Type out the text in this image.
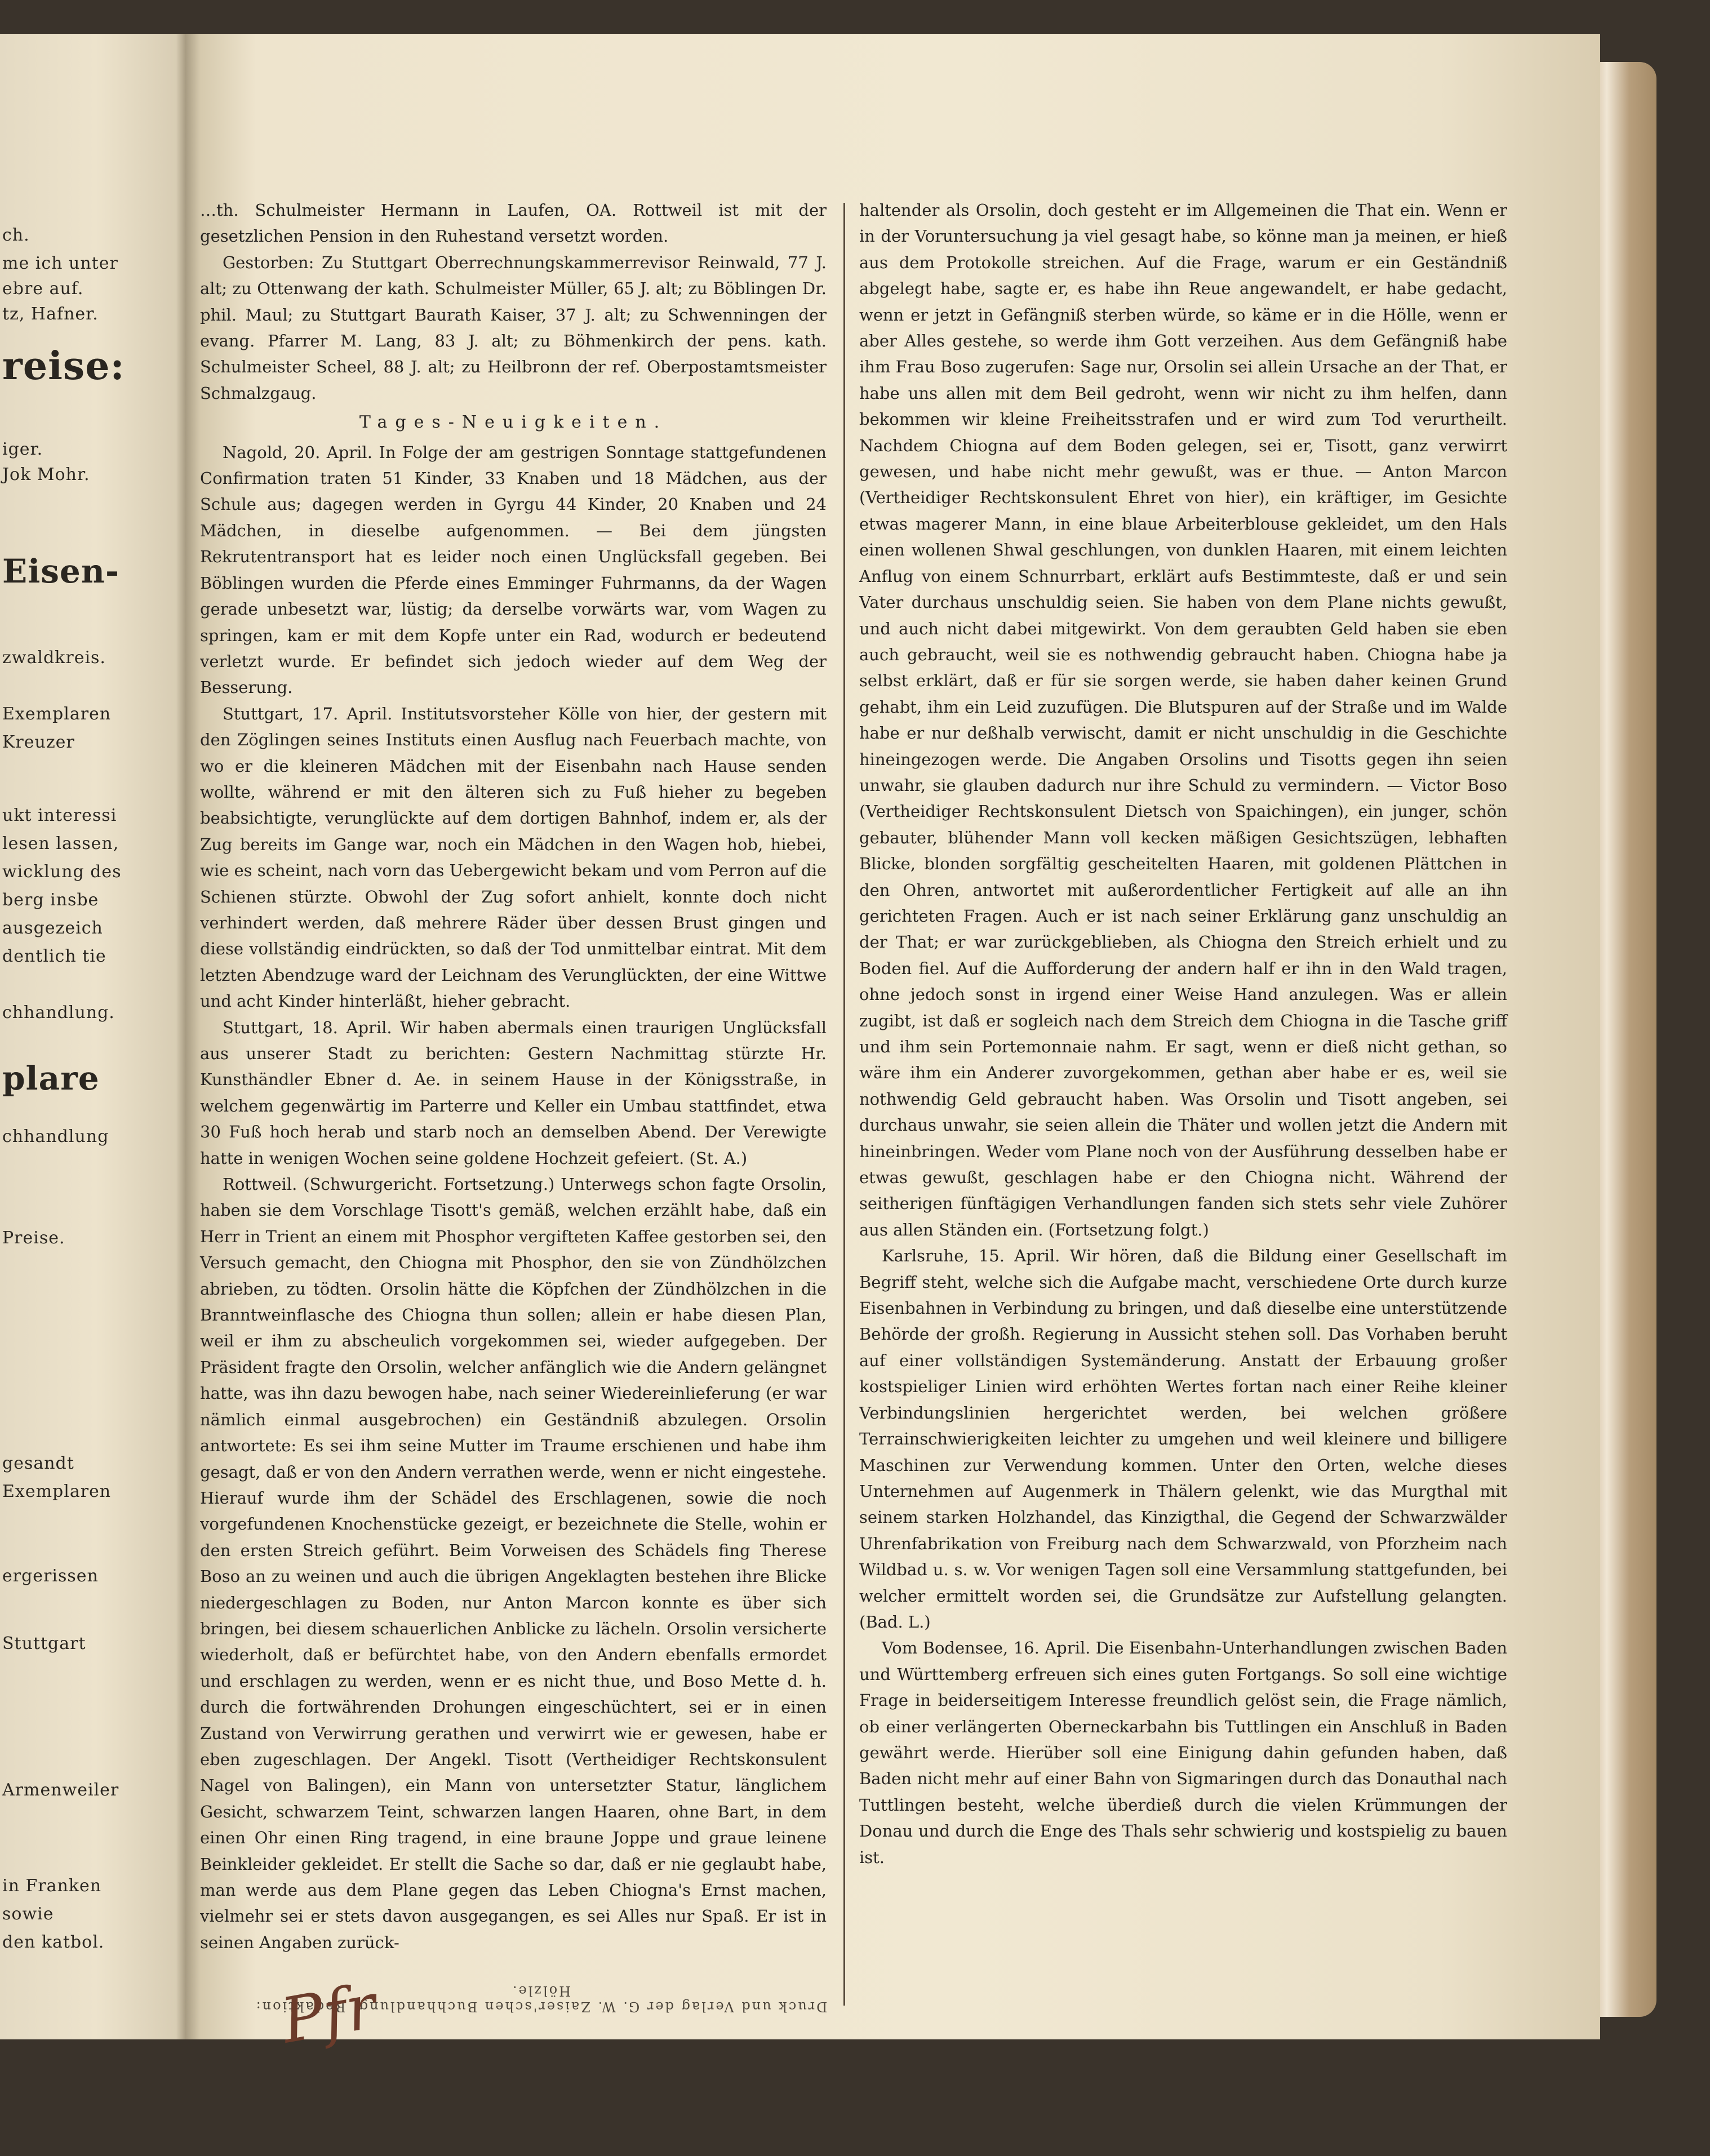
ch.
me ich unter
ebre auf.
tz, Hafner.
reise:
iger.
Jok Mohr.
Eisen-
zwaldkreis.
Exemplaren
Kreuzer
ukt interessi
lesen lassen,
wicklung des
berg insbe
ausgezeich
dentlich tie
chhandlung.
plare
chhandlung
Preise.
gesandt
Exemplaren
ergerissen
Stuttgart
Armenweiler
in Franken
sowie
den katbol.

…th. Schulmeister Hermann in Laufen, OA. Rottweil ist mit der gesetzlichen Pension in den Ruhestand versetzt worden.

Gestorben: Zu Stuttgart Oberrechnungskammerrevisor Reinwald, 77 J. alt; zu Ottenwang der kath. Schulmeister Müller, 65 J. alt; zu Böblingen Dr. phil. Maul; zu Stuttgart Baurath Kaiser, 37 J. alt; zu Schwenningen der evang. Pfarrer M. Lang, 83 J. alt; zu Böhmenkirch der pens. kath. Schulmeister Scheel, 88 J. alt; zu Heilbronn der ref. Oberpostamtsmeister Schmalzgaug.

Tages-Neuigkeiten.

Nagold, 20. April. In Folge der am gestrigen Sonntage stattgefundenen Confirmation traten 51 Kinder, 33 Knaben und 18 Mädchen, aus der Schule aus; dagegen werden in Gyrgu 44 Kinder, 20 Knaben und 24 Mädchen, in dieselbe aufgenommen. — Bei dem jüngsten Rekrutentransport hat es leider noch einen Unglücksfall gegeben. Bei Böblingen wurden die Pferde eines Emminger Fuhrmanns, da der Wagen gerade unbesetzt war, lüstig; da derselbe vorwärts war, vom Wagen zu springen, kam er mit dem Kopfe unter ein Rad, wodurch er bedeutend verletzt wurde. Er befindet sich jedoch wieder auf dem Weg der Besserung.

Stuttgart, 17. April. Institutsvorsteher Kölle von hier, der gestern mit den Zöglingen seines Instituts einen Ausflug nach Feuerbach machte, von wo er die kleineren Mädchen mit der Eisenbahn nach Hause senden wollte, während er mit den älteren sich zu Fuß hieher zu begeben beabsichtigte, verunglückte auf dem dortigen Bahnhof, indem er, als der Zug bereits im Gange war, noch ein Mädchen in den Wagen hob, hiebei, wie es scheint, nach vorn das Uebergewicht bekam und vom Perron auf die Schienen stürzte. Obwohl der Zug sofort anhielt, konnte doch nicht verhindert werden, daß mehrere Räder über dessen Brust gingen und diese vollständig eindrückten, so daß der Tod unmittelbar eintrat. Mit dem letzten Abendzuge ward der Leichnam des Verunglückten, der eine Wittwe und acht Kinder hinterläßt, hieher gebracht.

Stuttgart, 18. April. Wir haben abermals einen traurigen Unglücksfall aus unserer Stadt zu berichten: Gestern Nachmittag stürzte Hr. Kunsthändler Ebner d. Ae. in seinem Hause in der Königsstraße, in welchem gegenwärtig im Parterre und Keller ein Umbau stattfindet, etwa 30 Fuß hoch herab und starb noch an demselben Abend. Der Verewigte hatte in wenigen Wochen seine goldene Hochzeit gefeiert. (St. A.)

Rottweil. (Schwurgericht. Fortsetzung.) Unterwegs schon fagte Orsolin, haben sie dem Vorschlage Tisott's gemäß, welchen erzählt habe, daß ein Herr in Trient an einem mit Phosphor vergifteten Kaffee gestorben sei, den Versuch gemacht, den Chiogna mit Phosphor, den sie von Zündhölzchen abrieben, zu tödten. Orsolin hätte die Köpfchen der Zündhölzchen in die Branntweinflasche des Chiogna thun sollen; allein er habe diesen Plan, weil er ihm zu abscheulich vorgekommen sei, wieder aufgegeben. Der Präsident fragte den Orsolin, welcher anfänglich wie die Andern gelängnet hatte, was ihn dazu bewogen habe, nach seiner Wiedereinlieferung (er war nämlich einmal ausgebrochen) ein Geständniß abzulegen. Orsolin antwortete: Es sei ihm seine Mutter im Traume erschienen und habe ihm gesagt, daß er von den Andern verrathen werde, wenn er nicht eingestehe. Hierauf wurde ihm der Schädel des Erschlagenen, sowie die noch vorgefundenen Knochenstücke gezeigt, er bezeichnete die Stelle, wohin er den ersten Streich geführt. Beim Vorweisen des Schädels fing Therese Boso an zu weinen und auch die übrigen Angeklagten bestehen ihre Blicke niedergeschlagen zu Boden, nur Anton Marcon konnte es über sich bringen, bei diesem schauerlichen Anblicke zu lächeln. Orsolin versicherte wiederholt, daß er befürchtet habe, von den Andern ebenfalls ermordet und erschlagen zu werden, wenn er es nicht thue, und Boso Mette d. h. durch die fortwährenden Drohungen eingeschüchtert, sei er in einen Zustand von Verwirrung gerathen und verwirrt wie er gewesen, habe er eben zugeschlagen. Der Angekl. Tisott (Vertheidiger Rechtskonsulent Nagel von Balingen), ein Mann von untersetzter Statur, länglichem Gesicht, schwarzem Teint, schwarzen langen Haaren, ohne Bart, in dem einen Ohr einen Ring tragend, in eine braune Joppe und graue leinene Beinkleider gekleidet. Er stellt die Sache so dar, daß er nie geglaubt habe, man werde aus dem Plane gegen das Leben Chiogna's Ernst machen, vielmehr sei er stets davon ausgegangen, es sei Alles nur Spaß. Er ist in seinen Angaben zurück-

haltender als Orsolin, doch gesteht er im Allgemeinen die That ein. Wenn er in der Voruntersuchung ja viel gesagt habe, so könne man ja meinen, er hieß aus dem Protokolle streichen. Auf die Frage, warum er ein Geständniß abgelegt habe, sagte er, es habe ihn Reue angewandelt, er habe gedacht, wenn er jetzt in Gefängniß sterben würde, so käme er in die Hölle, wenn er aber Alles gestehe, so werde ihm Gott verzeihen. Aus dem Gefängniß habe ihm Frau Boso zugerufen: Sage nur, Orsolin sei allein Ursache an der That, er habe uns allen mit dem Beil gedroht, wenn wir nicht zu ihm helfen, dann bekommen wir kleine Freiheitsstrafen und er wird zum Tod verurtheilt. Nachdem Chiogna auf dem Boden gelegen, sei er, Tisott, ganz verwirrt gewesen, und habe nicht mehr gewußt, was er thue. — Anton Marcon (Vertheidiger Rechtskonsulent Ehret von hier), ein kräftiger, im Gesichte etwas magerer Mann, in eine blaue Arbeiterblouse gekleidet, um den Hals einen wollenen Shwal geschlungen, von dunklen Haaren, mit einem leichten Anflug von einem Schnurrbart, erklärt aufs Bestimmteste, daß er und sein Vater durchaus unschuldig seien. Sie haben von dem Plane nichts gewußt, und auch nicht dabei mitgewirkt. Von dem geraubten Geld haben sie eben auch gebraucht, weil sie es nothwendig gebraucht haben. Chiogna habe ja selbst erklärt, daß er für sie sorgen werde, sie haben daher keinen Grund gehabt, ihm ein Leid zuzufügen. Die Blutspuren auf der Straße und im Walde habe er nur deßhalb verwischt, damit er nicht unschuldig in die Geschichte hineingezogen werde. Die Angaben Orsolins und Tisotts gegen ihn seien unwahr, sie glauben dadurch nur ihre Schuld zu vermindern. — Victor Boso (Vertheidiger Rechtskonsulent Dietsch von Spaichingen), ein junger, schön gebauter, blühender Mann voll kecken mäßigen Gesichtszügen, lebhaften Blicke, blonden sorgfältig gescheitelten Haaren, mit goldenen Plättchen in den Ohren, antwortet mit außerordentlicher Fertigkeit auf alle an ihn gerichteten Fragen. Auch er ist nach seiner Erklärung ganz unschuldig an der That; er war zurückgeblieben, als Chiogna den Streich erhielt und zu Boden fiel. Auf die Aufforderung der andern half er ihn in den Wald tragen, ohne jedoch sonst in irgend einer Weise Hand anzulegen. Was er allein zugibt, ist daß er sogleich nach dem Streich dem Chiogna in die Tasche griff und ihm sein Portemonnaie nahm. Er sagt, wenn er dieß nicht gethan, so wäre ihm ein Anderer zuvorgekommen, gethan aber habe er es, weil sie nothwendig Geld gebraucht haben. Was Orsolin und Tisott angeben, sei durchaus unwahr, sie seien allein die Thäter und wollen jetzt die Andern mit hineinbringen. Weder vom Plane noch von der Ausführung desselben habe er etwas gewußt, geschlagen habe er den Chiogna nicht. Während der seitherigen fünftägigen Verhandlungen fanden sich stets sehr viele Zuhörer aus allen Ständen ein. (Fortsetzung folgt.)

Karlsruhe, 15. April. Wir hören, daß die Bildung einer Gesellschaft im Begriff steht, welche sich die Aufgabe macht, verschiedene Orte durch kurze Eisenbahnen in Verbindung zu bringen, und daß dieselbe eine unterstützende Behörde der großh. Regierung in Aussicht stehen soll. Das Vorhaben beruht auf einer vollständigen Systemänderung. Anstatt der Erbauung großer kostspieliger Linien wird erhöhten Wertes fortan nach einer Reihe kleiner Verbindungslinien hergerichtet werden, bei welchen größere Terrainschwierigkeiten leichter zu umgehen und weil kleinere und billigere Maschinen zur Verwendung kommen. Unter den Orten, welche dieses Unternehmen auf Augenmerk in Thälern gelenkt, wie das Murgthal mit seinem starken Holzhandel, das Kinzigthal, die Gegend der Schwarzwälder Uhrenfabrikation von Freiburg nach dem Schwarzwald, von Pforzheim nach Wildbad u. s. w. Vor wenigen Tagen soll eine Versammlung stattgefunden, bei welcher ermittelt worden sei, die Grundsätze zur Aufstellung gelangten. (Bad. L.)

Vom Bodensee, 16. April. Die Eisenbahn-Unterhandlungen zwischen Baden und Württemberg erfreuen sich eines guten Fortgangs. So soll eine wichtige Frage in beiderseitigem Interesse freundlich gelöst sein, die Frage nämlich, ob einer verlängerten Oberneckarbahn bis Tuttlingen ein Anschluß in Baden gewährt werde. Hierüber soll eine Einigung dahin gefunden haben, daß Baden nicht mehr auf einer Bahn von Sigmaringen durch das Donauthal nach Tuttlingen besteht, welche überdieß durch die vielen Krümmungen der Donau und durch die Enge des Thals sehr schwierig und kostspielig zu bauen ist.

Druck und Verlag der G. W. Zaiser'schen Buchhandlung. Redaktion: Hölzle.
Pfr
